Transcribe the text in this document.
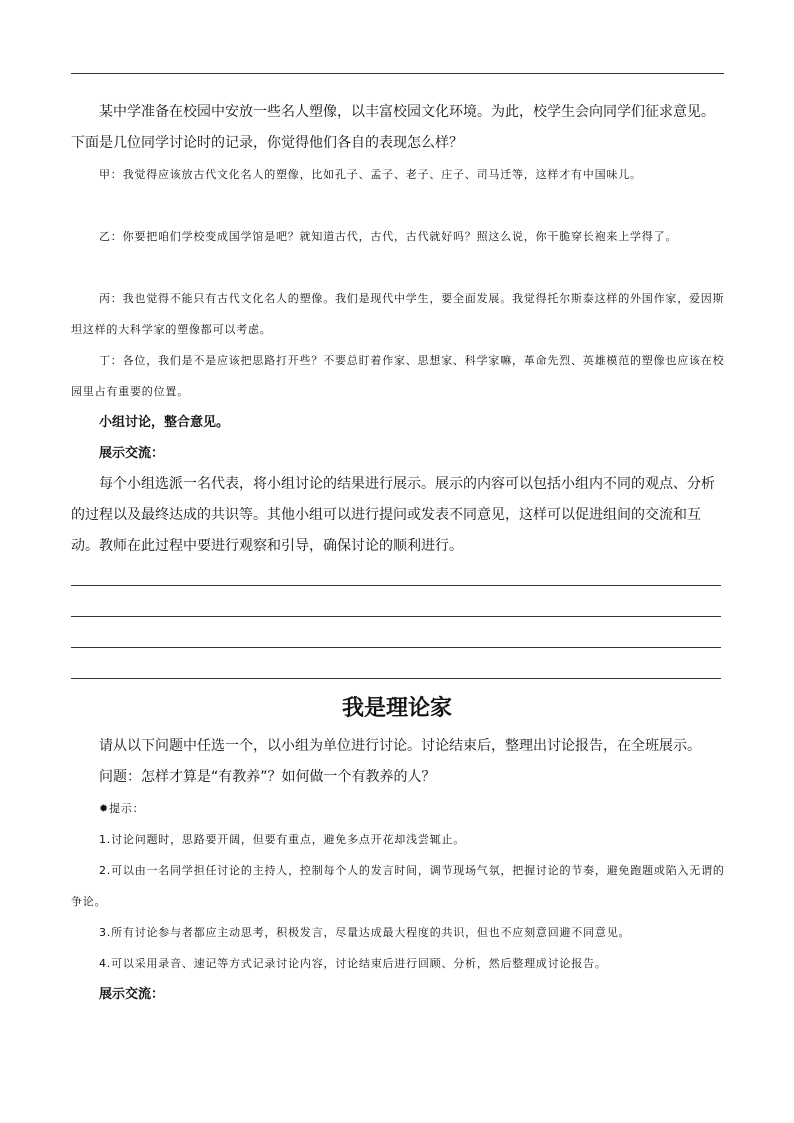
某中学准备在校园中安放一些名人塑像，以丰富校园文化环境。为此，校学生会向同学们征求意见。下面是几位同学讨论时的记录，你觉得他们各自的表现怎么样？

甲：我觉得应该放古代文化名人的塑像，比如孔子、孟子、老子、庄子、司马迁等，这样才有中国味儿。

乙：你要把咱们学校变成国学馆是吧？就知道古代，古代，古代就好吗？照这么说，你干脆穿长袍来上学得了。

丙：我也觉得不能只有古代文化名人的塑像。我们是现代中学生，要全面发展。我觉得托尔斯泰这样的外国作家，爱因斯坦这样的大科学家的塑像都可以考虑。

丁：各位，我们是不是应该把思路打开些？不要总盯着作家、思想家、科学家嘛，革命先烈、英雄模范的塑像也应该在校园里占有重要的位置。

小组讨论，整合意见。

展示交流：

每个小组选派一名代表，将小组讨论的结果进行展示。展示的内容可以包括小组内不同的观点、分析的过程以及最终达成的共识等。其他小组可以进行提问或发表不同意见，这样可以促进组间的交流和互动。教师在此过程中要进行观察和引导，确保讨论的顺利进行。

我是理论家

请从以下问题中任选一个，以小组为单位进行讨论。讨论结束后，整理出讨论报告，在全班展示。

问题：怎样才算是“有教养”？如何做一个有教养的人？

✹提示：

1.讨论问题时，思路要开阔，但要有重点，避免多点开花却浅尝辄止。

2.可以由一名同学担任讨论的主持人，控制每个人的发言时间，调节现场气氛，把握讨论的节奏，避免跑题或陷入无谓的争论。

3.所有讨论参与者都应主动思考，积极发言，尽量达成最大程度的共识，但也不应刻意回避不同意见。

4.可以采用录音、速记等方式记录讨论内容，讨论结束后进行回顾、分析，然后整理成讨论报告。

展示交流：
